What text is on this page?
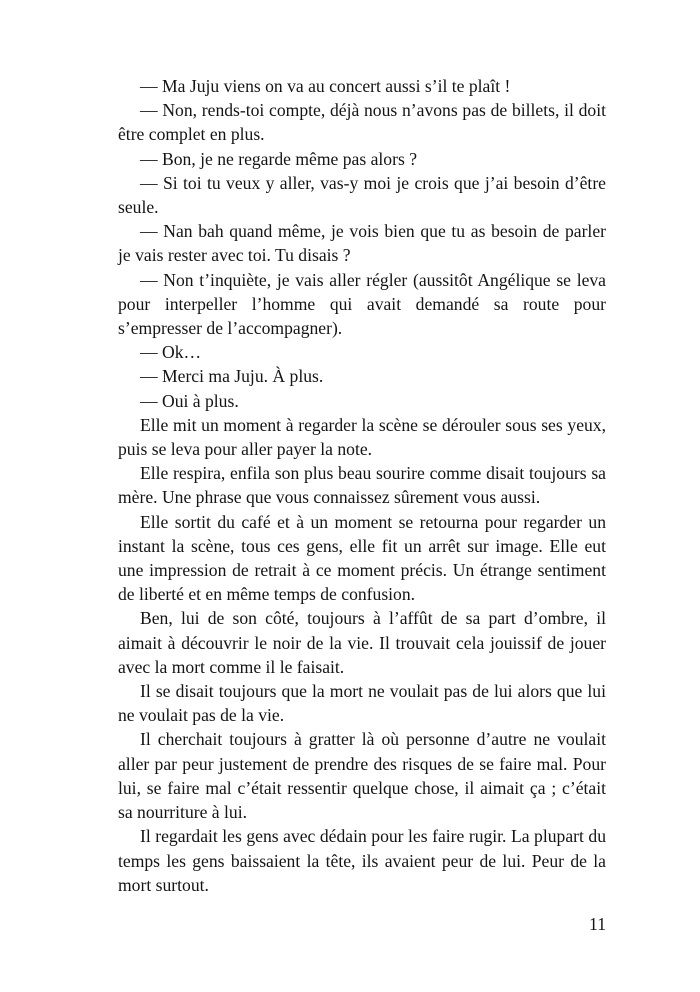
— Ma Juju viens on va au concert aussi s’il te plaît !

— Non, rends-toi compte, déjà nous n’avons pas de billets, il doit être complet en plus.

— Bon, je ne regarde même pas alors ?

— Si toi tu veux y aller, vas-y moi je crois que j’ai besoin d’être seule.

— Nan bah quand même, je vois bien que tu as besoin de parler je vais rester avec toi. Tu disais ?

— Non t’inquiète, je vais aller régler (aussitôt Angélique se leva pour interpeller l’homme qui avait demandé sa route pour s’empresser de l’accompagner).

— Ok…

— Merci ma Juju. À plus.

— Oui à plus.

Elle mit un moment à regarder la scène se dérouler sous ses yeux, puis se leva pour aller payer la note.

Elle respira, enfila son plus beau sourire comme disait toujours sa mère. Une phrase que vous connaissez sûrement vous aussi.

Elle sortit du café et à un moment se retourna pour regarder un instant la scène, tous ces gens, elle fit un arrêt sur image. Elle eut une impression de retrait à ce moment précis. Un étrange sentiment de liberté et en même temps de confusion.

Ben, lui de son côté, toujours à l’affût de sa part d’ombre, il aimait à découvrir le noir de la vie. Il trouvait cela jouissif de jouer avec la mort comme il le faisait.

Il se disait toujours que la mort ne voulait pas de lui alors que lui ne voulait pas de la vie.

Il cherchait toujours à gratter là où personne d’autre ne voulait aller par peur justement de prendre des risques de se faire mal. Pour lui, se faire mal c’était ressentir quelque chose, il aimait ça ; c’était sa nourriture à lui.

Il regardait les gens avec dédain pour les faire rugir. La plupart du temps les gens baissaient la tête, ils avaient peur de lui. Peur de la mort surtout.

11
